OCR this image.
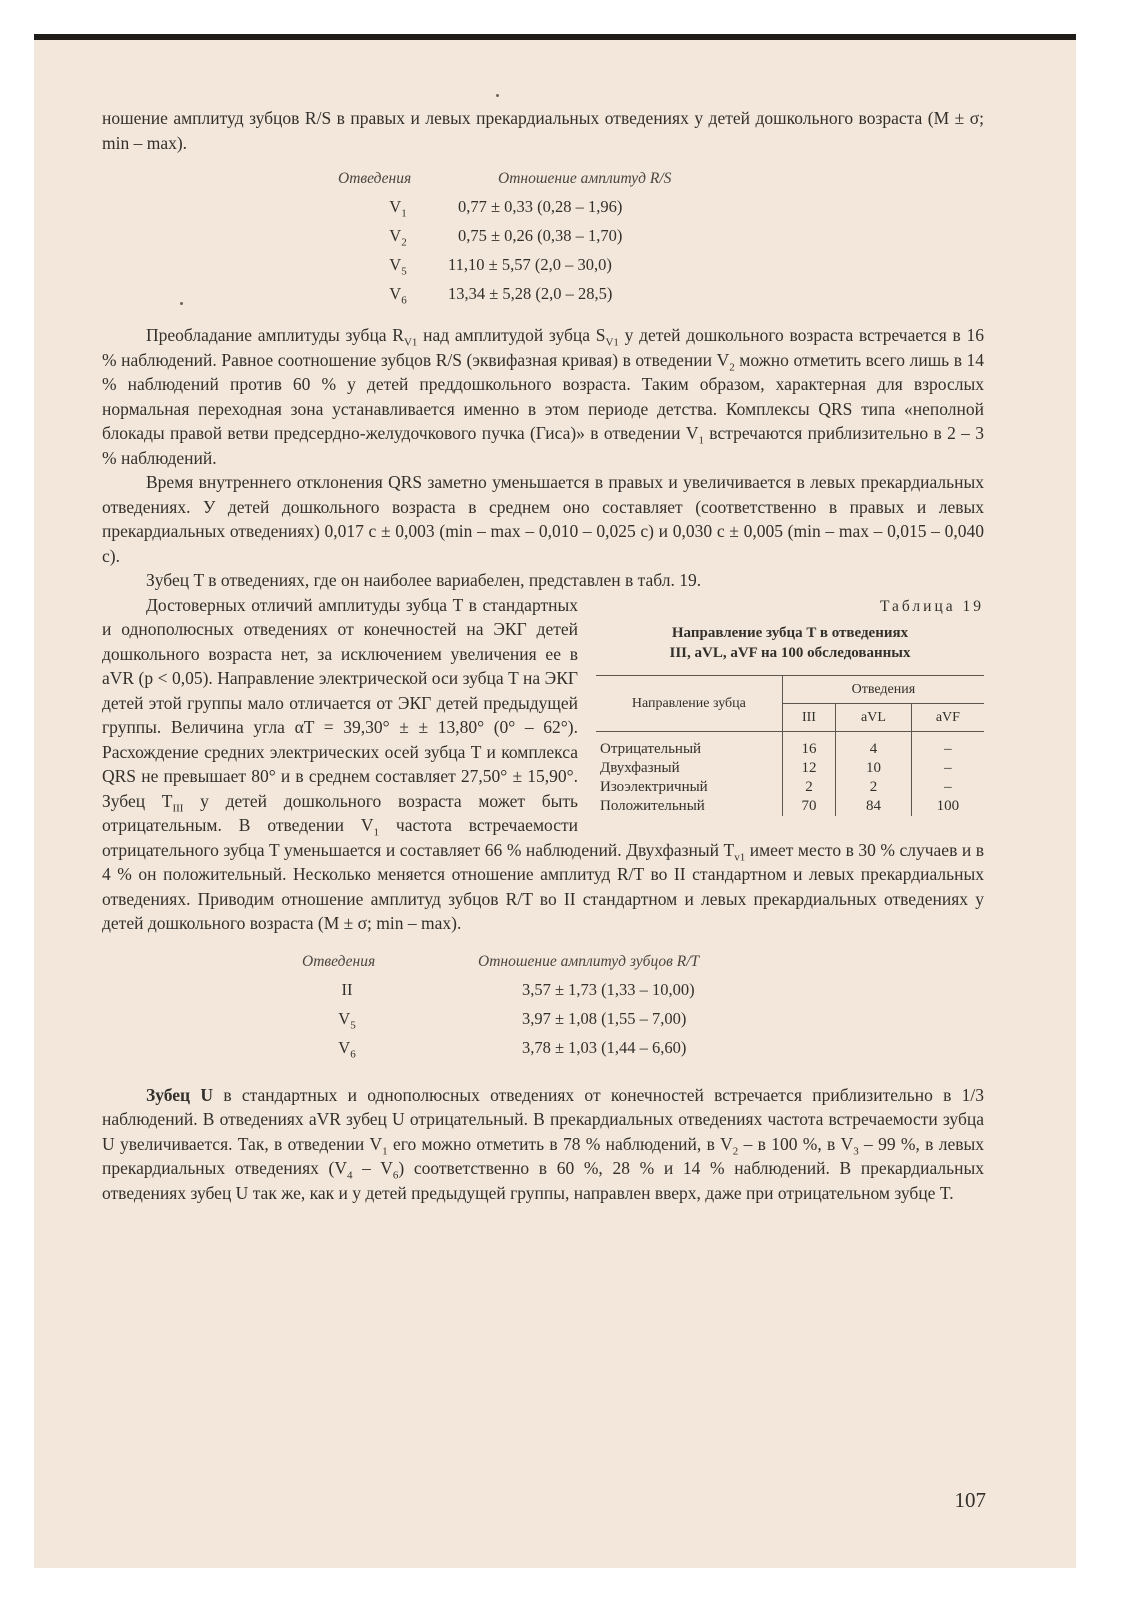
ношение амплитуд зубцов R/S в правых и левых прекардиальных отведениях у детей дошкольного возраста (M ± σ; min – max).

Отведения	Отношение амплитуд R/S
$V_1$	0,77 ± 0,33 (0,28 – 1,96)
$V_2$	0,75 ± 0,26 (0,38 – 1,70)
$V_5$	11,10 ± 5,57 (2,0 – 30,0)
$V_6$	13,34 ± 5,28 (2,0 – 28,5)

Преобладание амплитуды зубца $R_{V1}$ над амплитудой зубца $S_{V1}$ у детей дошкольного возраста встречается в 16 % наблюдений. Равное соотношение зубцов R/S (эквифазная кривая) в отведении $V_2$ можно отметить всего лишь в 14 % наблюдений против 60 % у детей преддошкольного возраста. Таким образом, характерная для взрослых нормальная переходная зона устанавливается именно в этом периоде детства. Комплексы QRS типа «неполной блокады правой ветви предсердно-желудочкового пучка (Гиса)» в отведении $V_1$ встречаются приблизительно в 2 – 3 % наблюдений.

Время внутреннего отклонения QRS заметно уменьшается в правых и увеличивается в левых прекардиальных отведениях. У детей дошкольного возраста в среднем оно составляет (соответственно в правых и левых прекардиальных отведениях) 0,017 с ± 0,003 (min – max – 0,010 – 0,025 с) и 0,030 с ± 0,005 (min – max – 0,015 – 0,040 с).

Зубец T в отведениях, где он наиболее вариабелен, представлен в табл. 19.

Таблица 19
Направление зубца T в отведениях
III, aVL, aVF на 100 обследованных
Направление зубца	Отведения		
	III	aVL	aVF

Отрицательный	16	4	–
Двухфазный	12	10	–
Изоэлектричный	2	2	–
Положительный	70	84	100

Достоверных отличий амплитуды зубца T в стандартных и однополюсных отведениях от конечностей на ЭКГ детей дошкольного возраста нет, за исключением увеличения ее в aVR (p < 0,05). Направление электрической оси зубца T на ЭКГ детей этой группы мало отличается от ЭКГ детей предыдущей группы. Величина угла αT = 39,30° ± ± 13,80° (0° – 62°). Расхождение средних электрических осей зубца T и комплекса QRS не превышает 80° и в среднем составляет 27,50° ± 15,90°. Зубец $T_{III}$ у детей дошкольного возраста может быть отрицательным. В отведении $V_1$ частота встречаемости отрицательного зубца T уменьшается и составляет 66 % наблюдений. Двухфазный $T_{v1}$ имеет место в 30 % случаев и в 4 % он положительный. Несколько меняется отношение амплитуд R/T во II стандартном и левых прекардиальных отведениях. Приводим отношение амплитуд зубцов R/T во II стандартном и левых прекардиальных отведениях у детей дошкольного возраста (M ± σ; min – max).

Отведения	Отношение амплитуд зубцов R/T
II	3,57 ± 1,73 (1,33 – 10,00)
$V_5$	3,97 ± 1,08 (1,55 – 7,00)
$V_6$	3,78 ± 1,03 (1,44 – 6,60)

Зубец U в стандартных и однополюсных отведениях от конечностей встречается приблизительно в 1/3 наблюдений. В отведениях aVR зубец U отрицательный. В прекардиальных отведениях частота встречаемости зубца U увеличивается. Так, в отведении $V_1$ его можно отметить в 78 % наблюдений, в $V_2$ – в 100 %, в $V_3 - 99$ %, в левых прекардиальных отведениях $(V_4 - V_6)$ соответственно в 60 %, 28 % и 14 % наблюдений. В прекардиальных отведениях зубец U так же, как и у детей предыдущей группы, направлен вверх, даже при отрицательном зубце T.

107
